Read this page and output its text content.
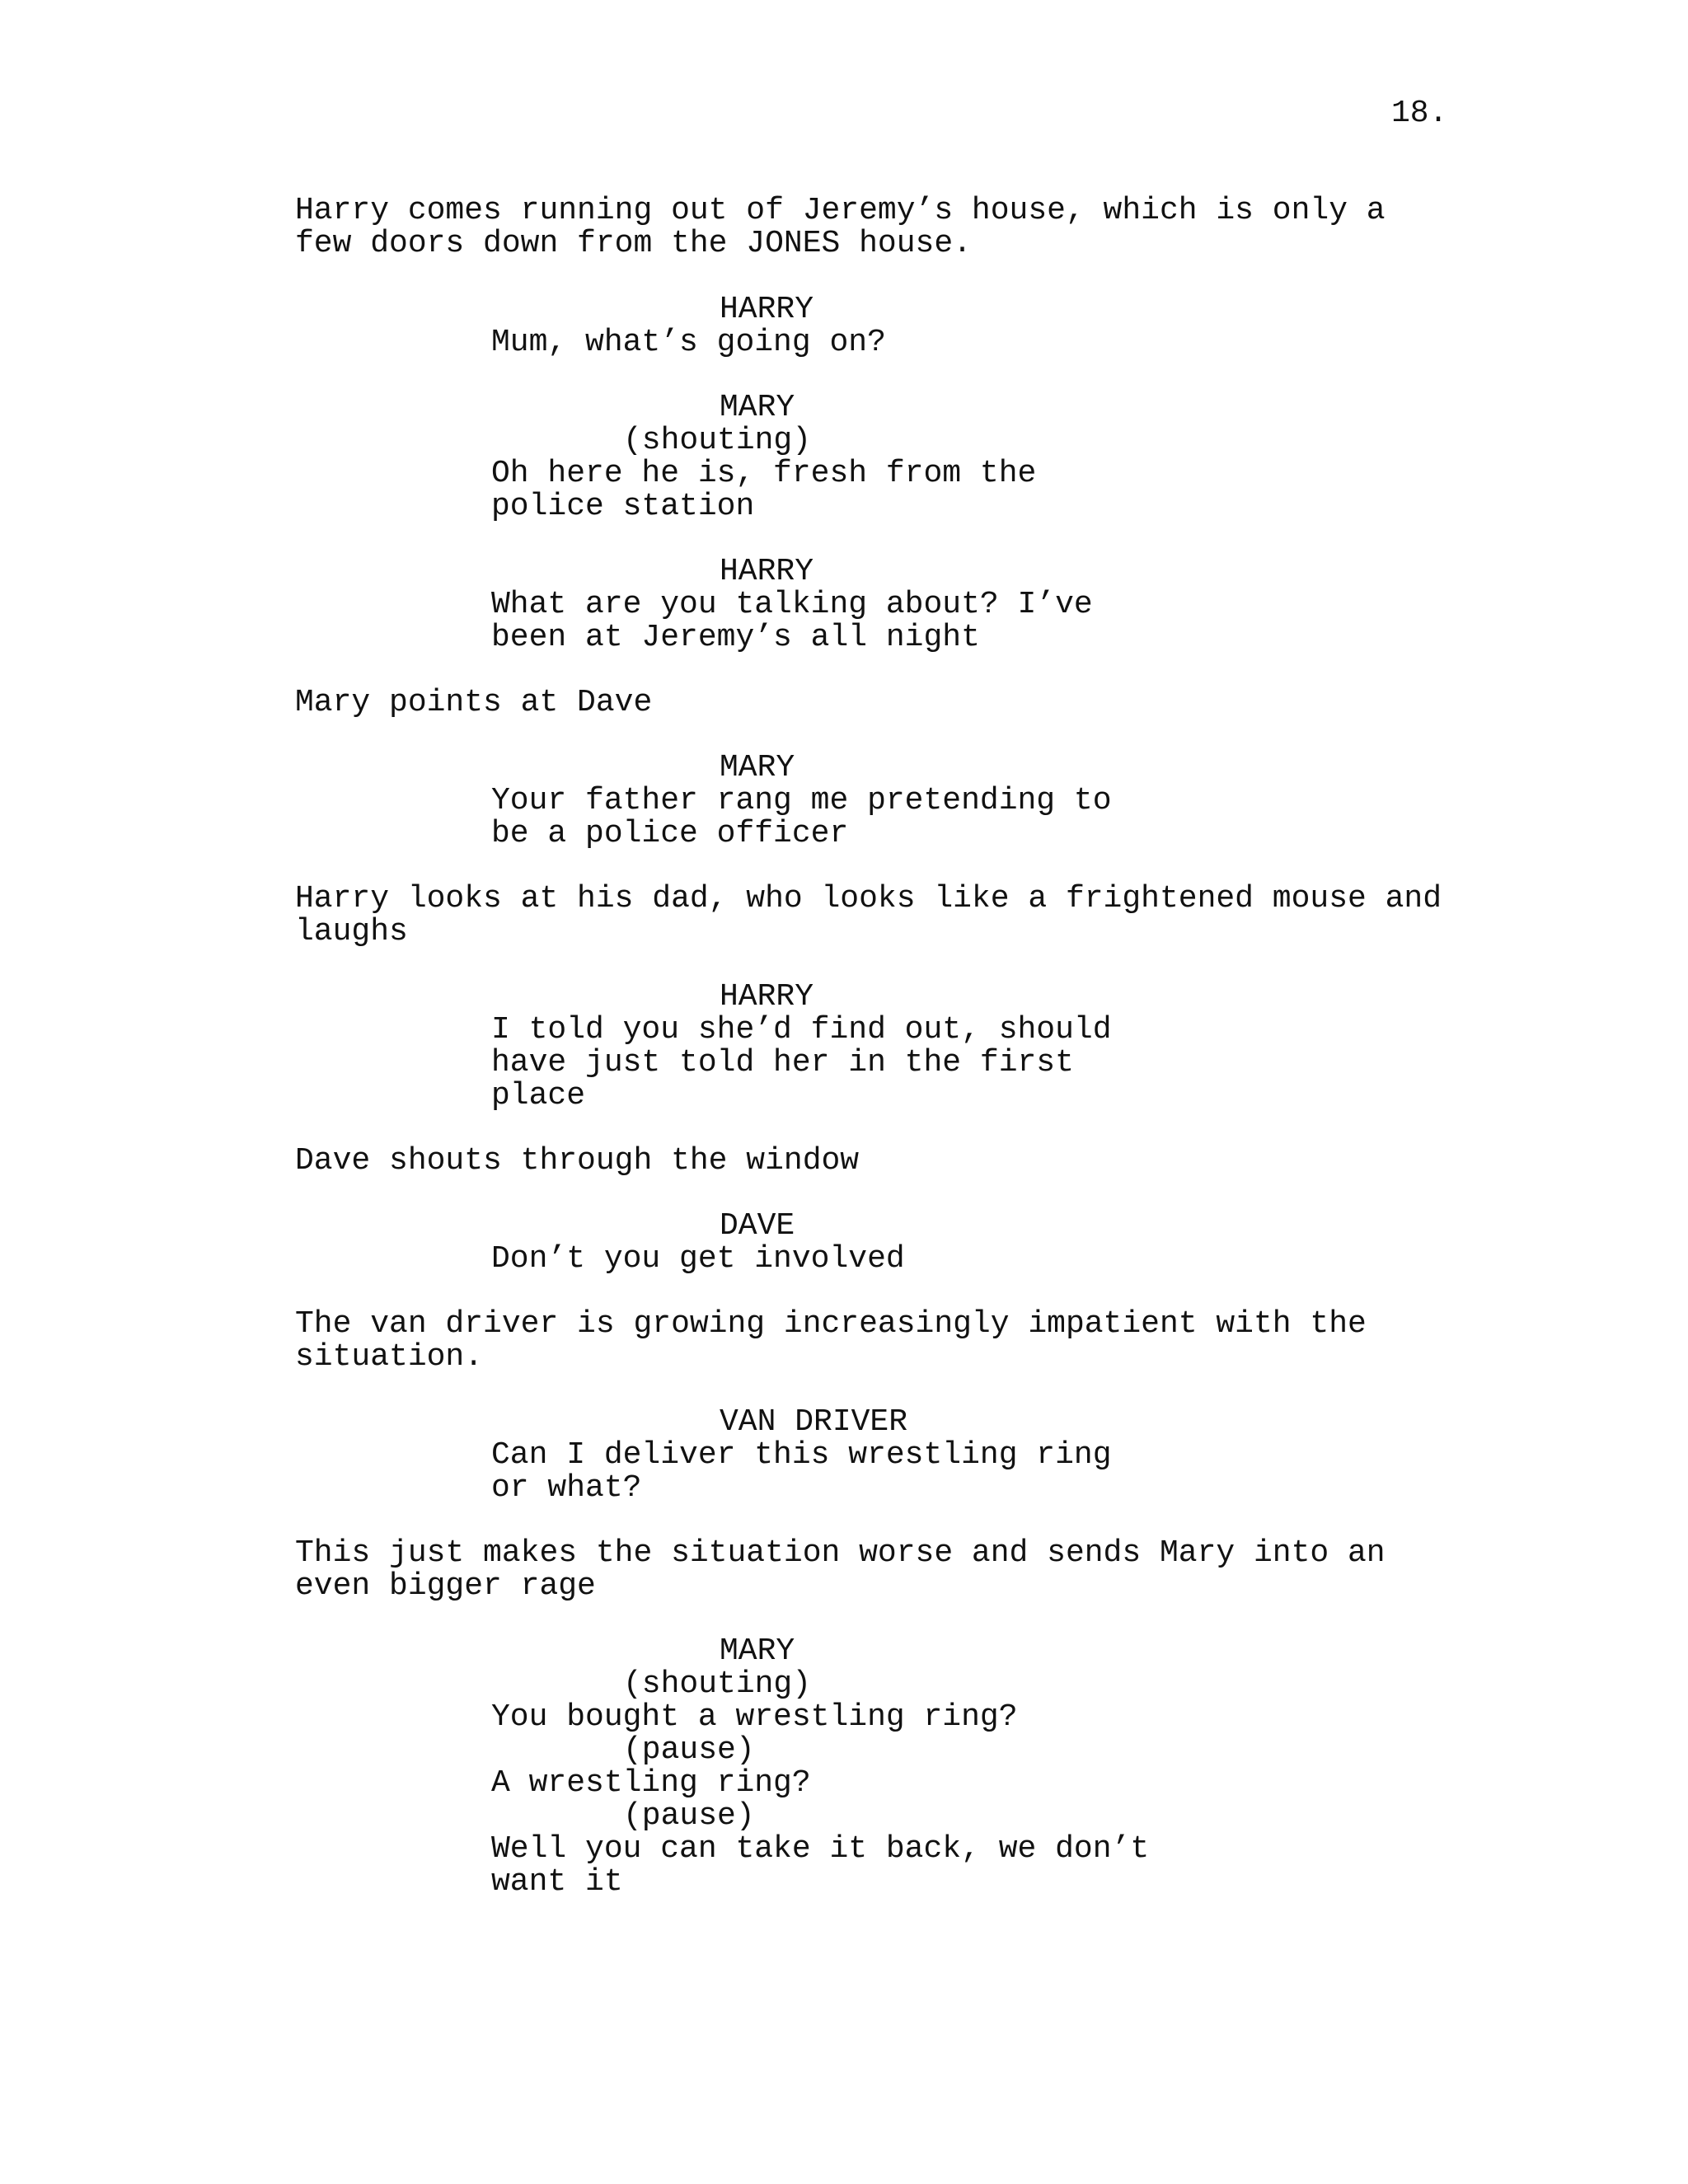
18.
Harry comes running out of Jeremy’s house, which is only a
few doors down from the JONES house.
HARRY
Mum, what’s going on?
MARY
(shouting)
Oh here he is, fresh from the
police station
HARRY
What are you talking about? I’ve
been at Jeremy’s all night
Mary points at Dave
MARY
Your father rang me pretending to
be a police officer
Harry looks at his dad, who looks like a frightened mouse and
laughs
HARRY
I told you she’d find out, should
have just told her in the first
place
Dave shouts through the window
DAVE
Don’t you get involved
The van driver is growing increasingly impatient with the
situation.
VAN DRIVER
Can I deliver this wrestling ring
or what?
This just makes the situation worse and sends Mary into an
even bigger rage
MARY
(shouting)
You bought a wrestling ring?
(pause)
A wrestling ring?
(pause)
Well you can take it back, we don’t
want it
